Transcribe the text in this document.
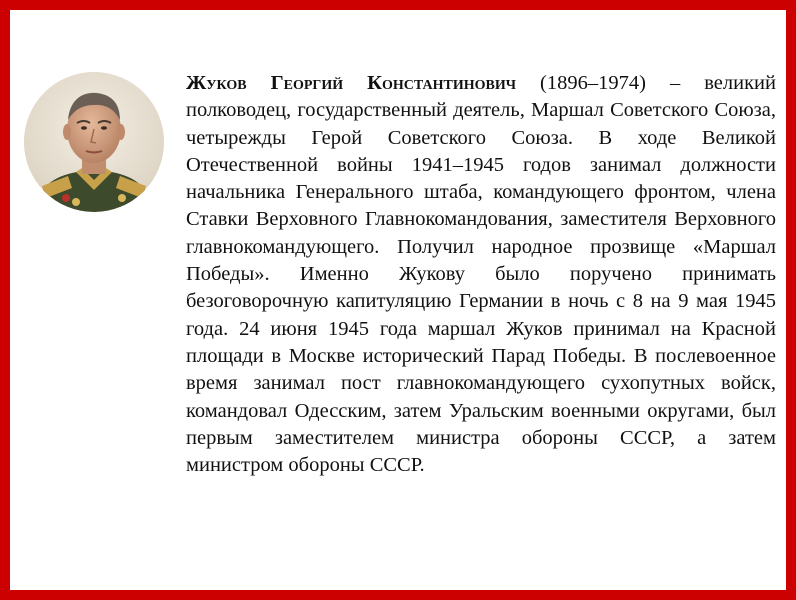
Жуков Георгий Константинович (1896–1974) – великий полководец, государственный деятель, Маршал Советского Союза, четырежды Герой Советского Союза. В ходе Великой Отечественной войны 1941–1945 годов занимал должности начальника Генерального штаба, командующего фронтом, члена Ставки Верховного Главнокомандования, заместителя Верховного главнокомандующего. Получил народное прозвище «Маршал Победы». Именно Жукову было поручено принимать безоговорочную капитуляцию Германии в ночь с 8 на 9 мая 1945 года. 24 июня 1945 года маршал Жуков принимал на Красной площади в Москве исторический Парад Победы. В послевоенное время занимал пост главнокомандующего сухопутных войск, командовал Одесским, затем Уральским военными округами, был первым заместителем министра обороны СССР, а затем министром обороны СССР.
